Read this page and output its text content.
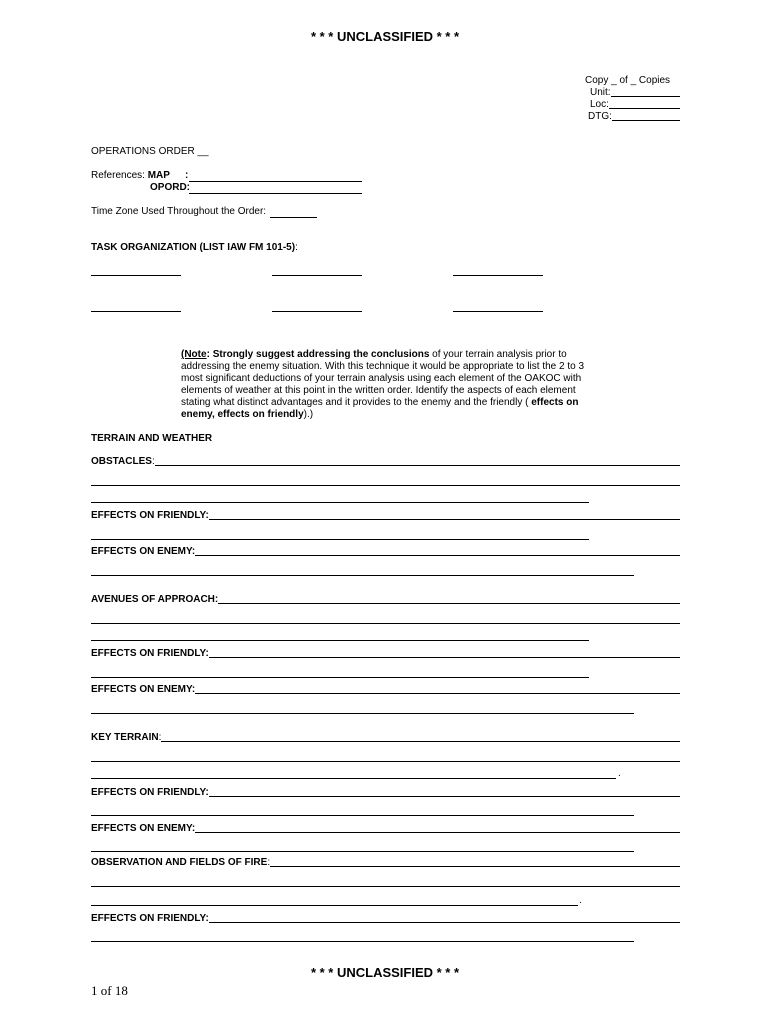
* * * UNCLASSIFIED * * *
Copy _ of _ Copies
Unit:
Loc:
DTG:
OPERATIONS ORDER __
References: MAP :
OPORD:
Time Zone Used Throughout the Order:
TASK ORGANIZATION (LIST IAW FM 101-5):
(Note: Strongly suggest addressing the conclusions of your terrain analysis prior to addressing the enemy situation. With this technique it would be appropriate to list the 2 to 3 most significant deductions of your terrain analysis using each element of the OAKOC with elements of weather at this point in the written order. Identify the aspects of each element stating what distinct advantages and it provides to the enemy and the friendly ( effects on enemy, effects on friendly).)
TERRAIN AND WEATHER
OBSTACLES :
EFFECTS ON FRIENDLY:
EFFECTS ON ENEMY:
AVENUES OF APPROACH:
EFFECTS ON FRIENDLY:
EFFECTS ON ENEMY:
KEY TERRAIN :
.
EFFECTS ON FRIENDLY:
EFFECTS ON ENEMY:
OBSERVATION AND FIELDS OF FIRE :
.
EFFECTS ON FRIENDLY:
* * * UNCLASSIFIED * * *
1 of 18
